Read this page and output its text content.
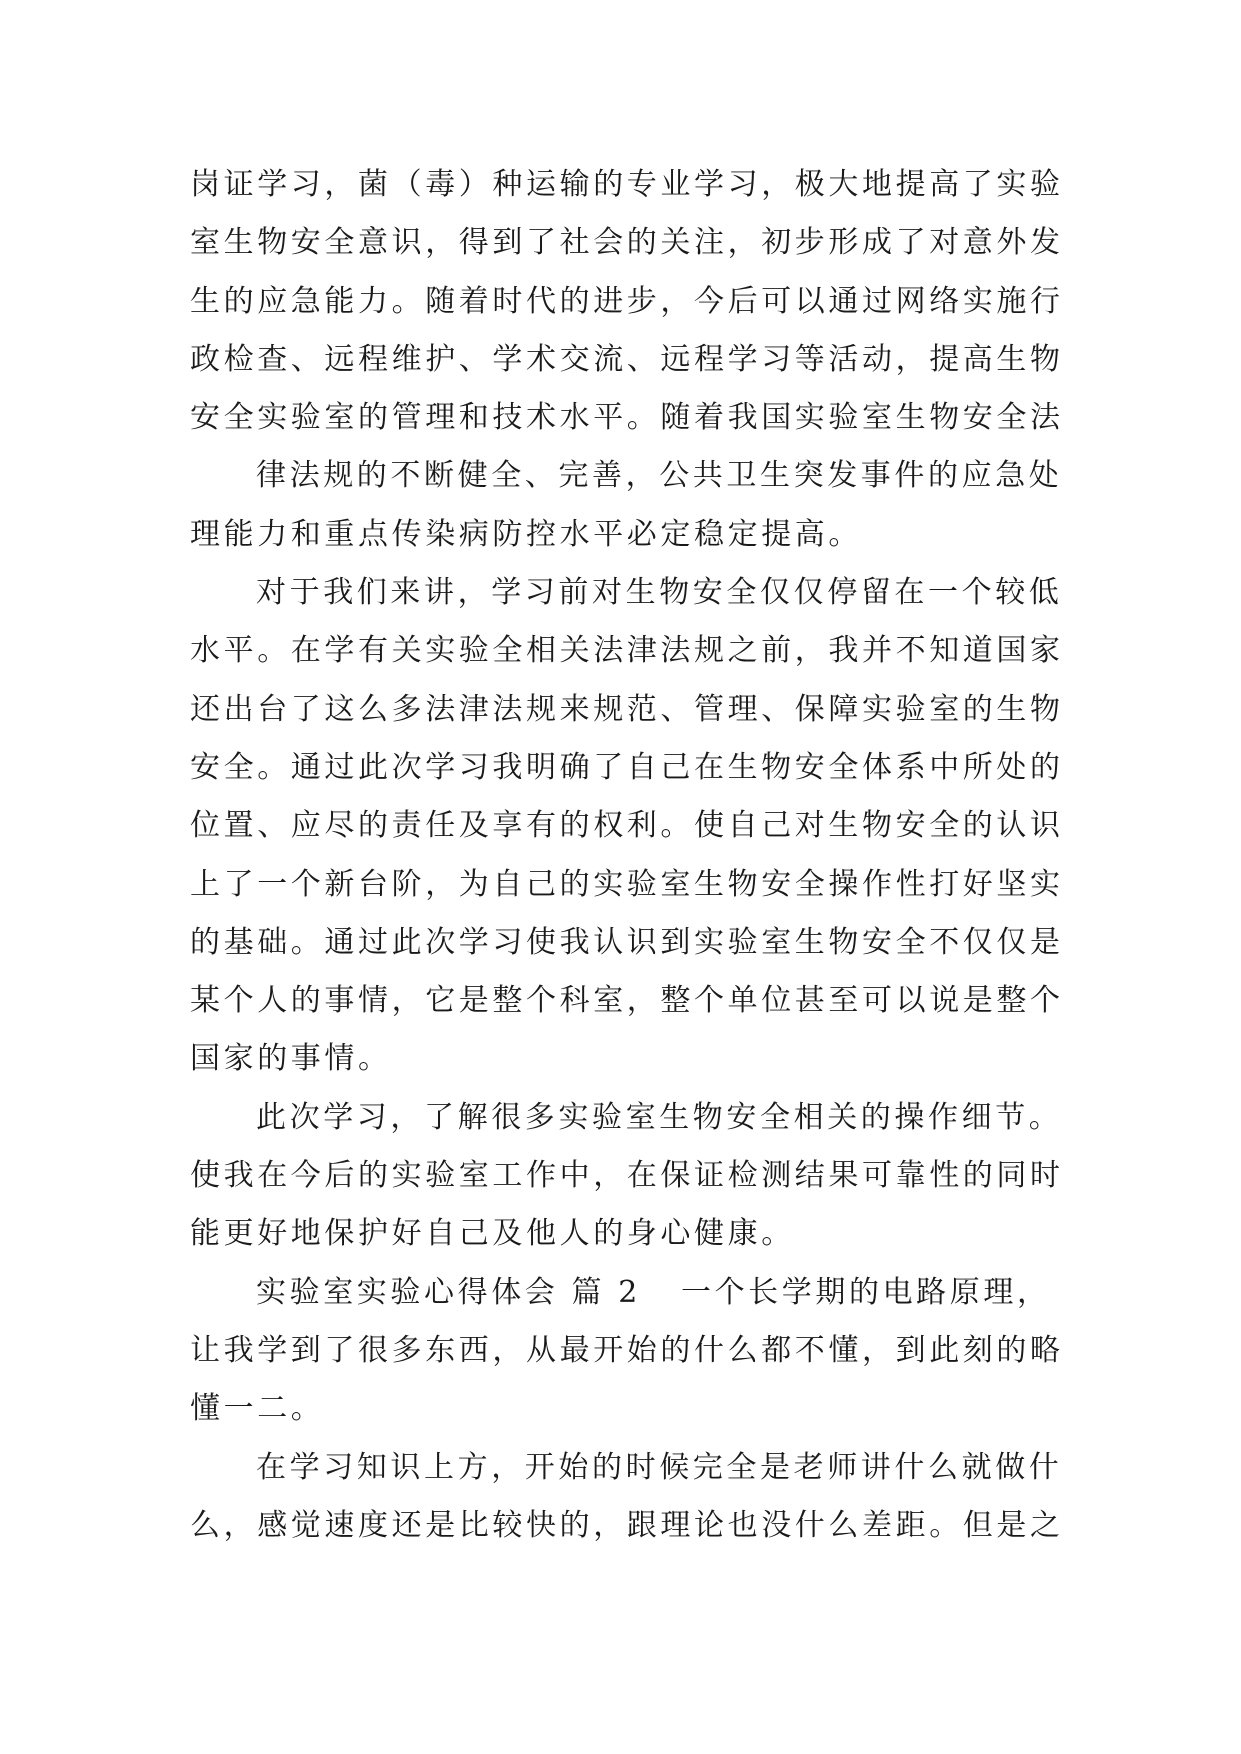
岗证学习，菌（毒）种运输的专业学习，极大地提高了实验
室生物安全意识，得到了社会的关注，初步形成了对意外发
生的应急能力。随着时代的进步，今后可以通过网络实施行
政检查、远程维护、学术交流、远程学习等活动，提高生物
安全实验室的管理和技术水平。随着我国实验室生物安全法
律法规的不断健全、完善，公共卫生突发事件的应急处
理能力和重点传染病防控水平必定稳定提高。
对于我们来讲，学习前对生物安全仅仅停留在一个较低
水平。在学有关实验全相关法津法规之前，我并不知道国家
还出台了这么多法津法规来规范、管理、保障实验室的生物
安全。通过此次学习我明确了自己在生物安全体系中所处的
位置、应尽的责任及享有的权利。使自己对生物安全的认识
上了一个新台阶，为自己的实验室生物安全操作性打好坚实
的基础。通过此次学习使我认识到实验室生物安全不仅仅是
某个人的事情，它是整个科室，整个单位甚至可以说是整个
国家的事情。
此次学习，了解很多实验室生物安全相关的操作细节。
使我在今后的实验室工作中，在保证检测结果可靠性的同时
能更好地保护好自己及他人的身心健康。
实验室实验心得体会 篇 2 一个长学期的电路原理，
让我学到了很多东西，从最开始的什么都不懂，到此刻的略
懂一二。
在学习知识上方，开始的时候完全是老师讲什么就做什
么，感觉速度还是比较快的，跟理论也没什么差距。但是之
